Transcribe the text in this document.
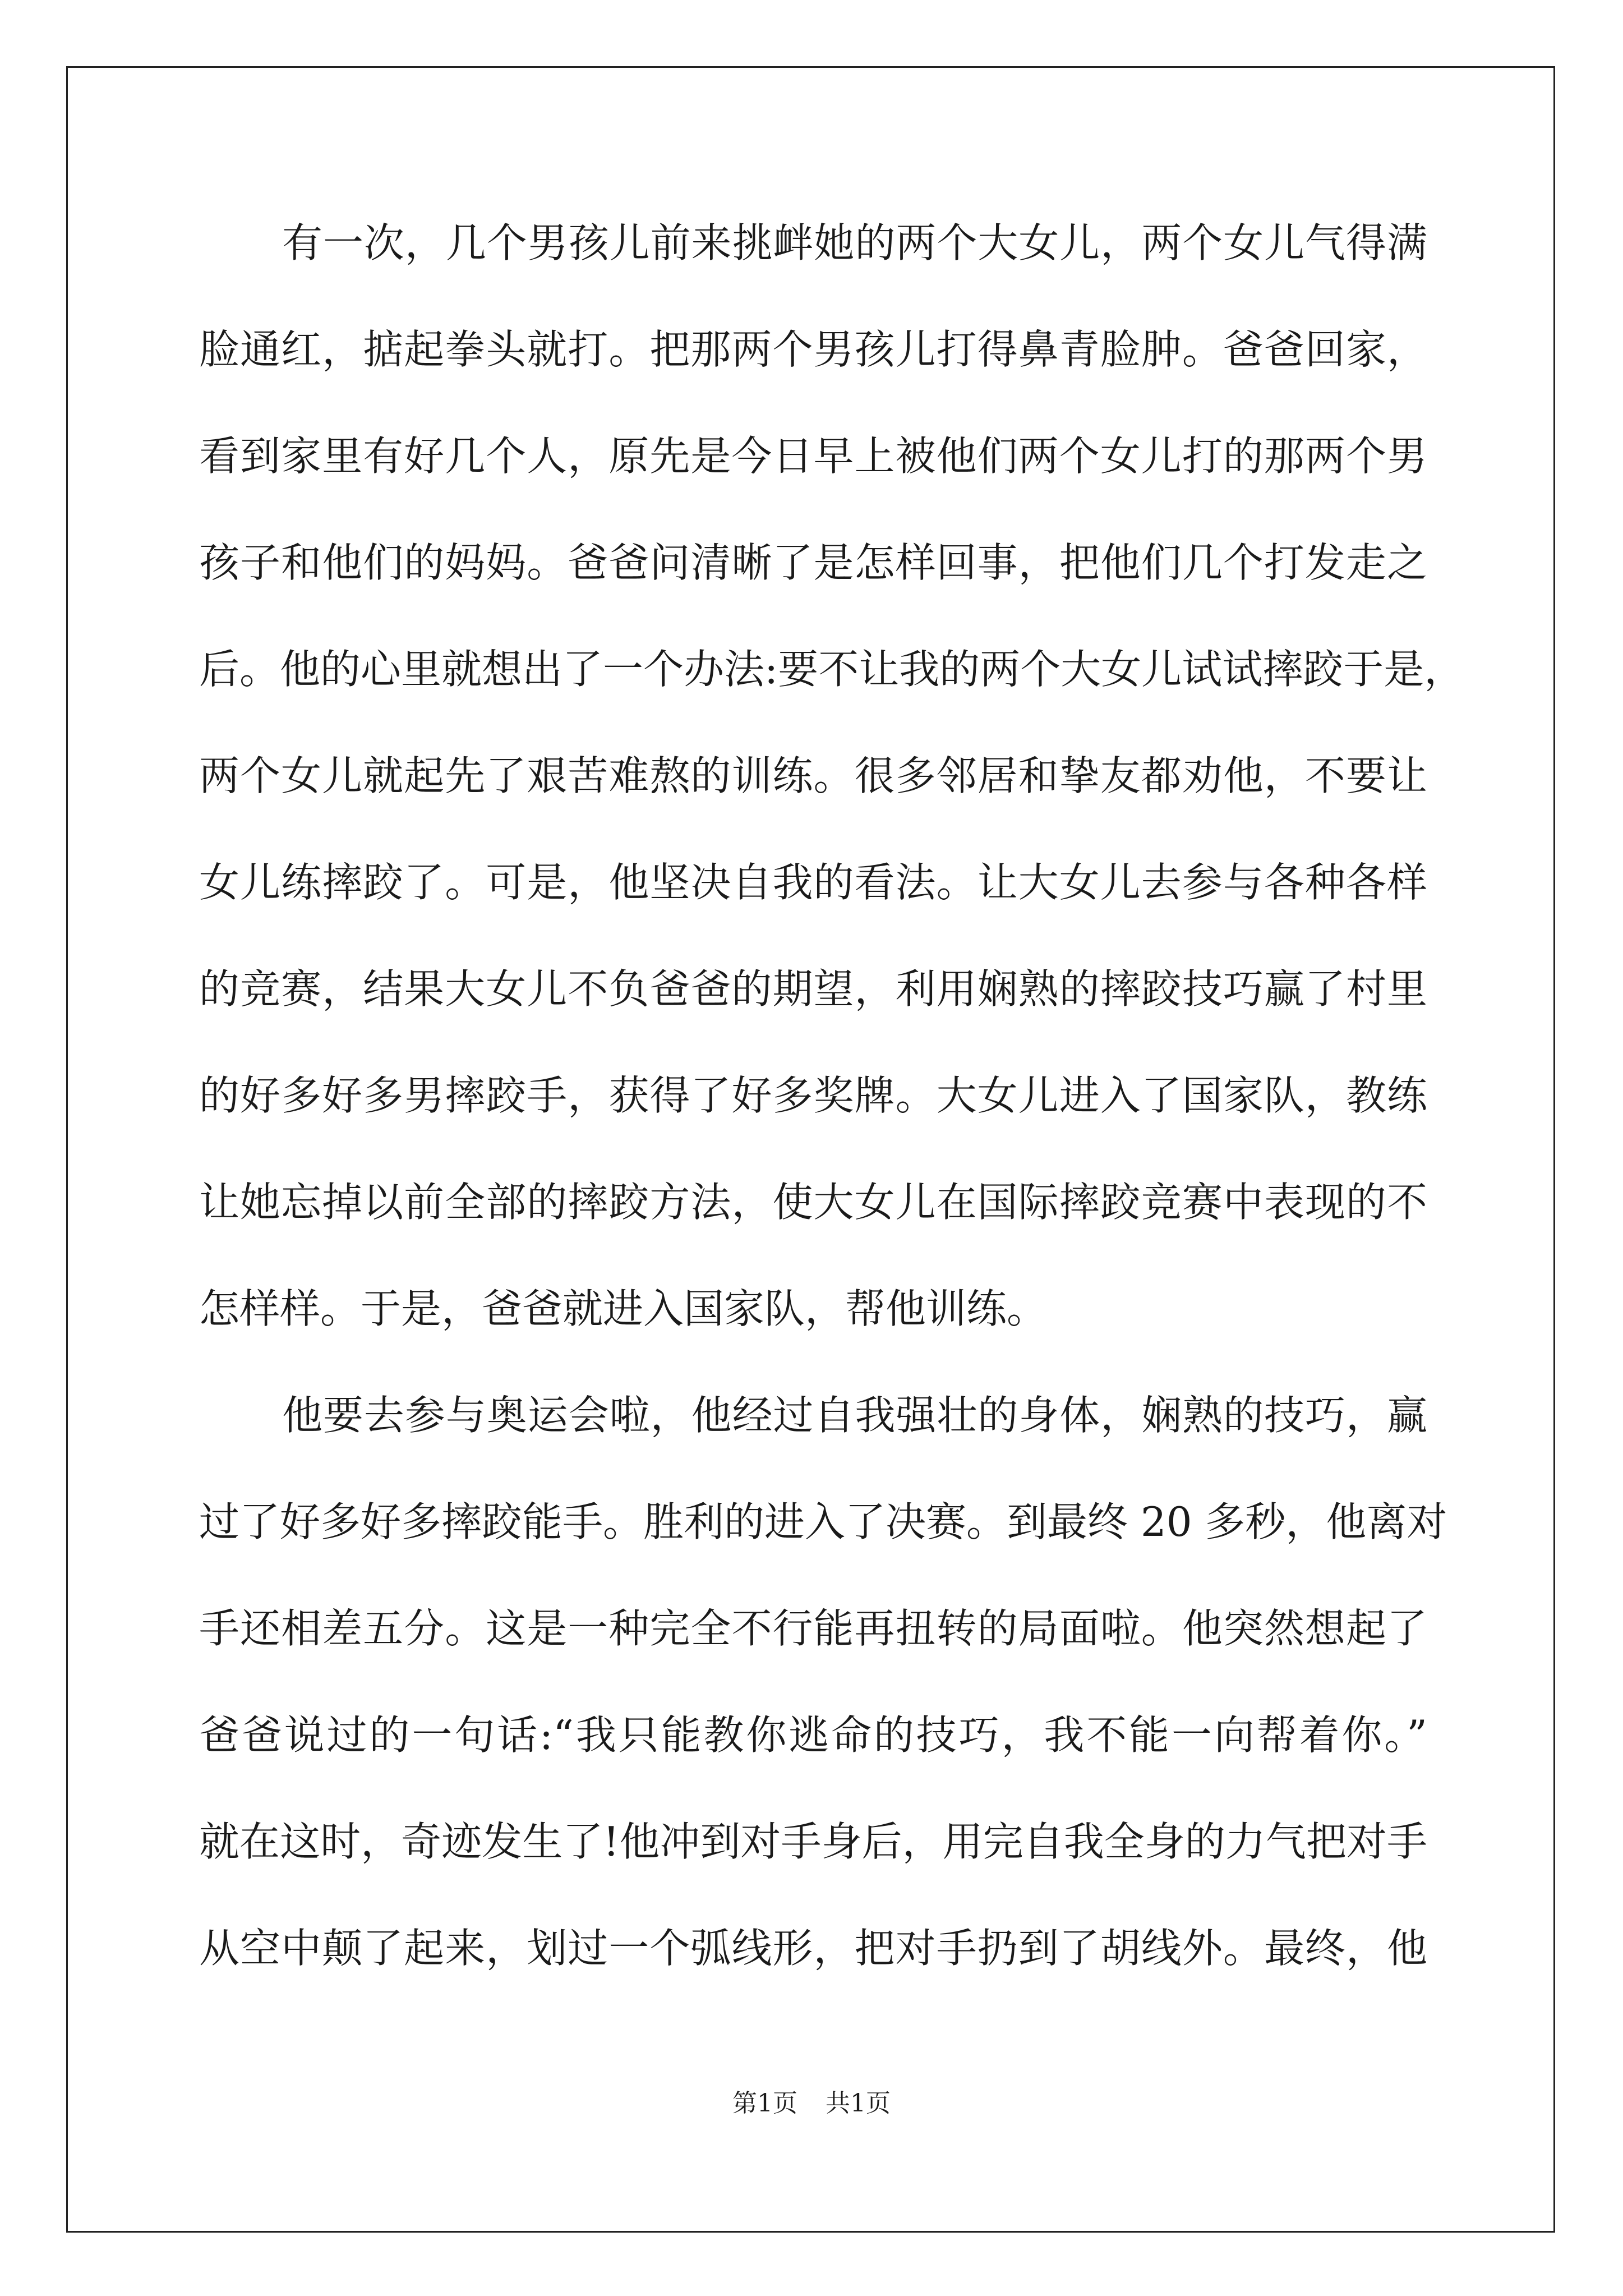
有一次，几个男孩儿前来挑衅她的两个大女儿，两个女儿气得满
脸通红，掂起拳头就打。把那两个男孩儿打得鼻青脸肿。爸爸回家，
看到家里有好几个人，原先是今日早上被他们两个女儿打的那两个男
孩子和他们的妈妈。爸爸问清晰了是怎样回事，把他们几个打发走之
后。他的心里就想出了一个办法:要不让我的两个大女儿试试摔跤于是，
两个女儿就起先了艰苦难熬的训练。很多邻居和挚友都劝他，不要让
女儿练摔跤了。可是，他坚决自我的看法。让大女儿去参与各种各样
的竞赛，结果大女儿不负爸爸的期望，利用娴熟的摔跤技巧赢了村里
的好多好多男摔跤手，获得了好多奖牌。大女儿进入了国家队，教练
让她忘掉以前全部的摔跤方法，使大女儿在国际摔跤竞赛中表现的不
怎样样。于是，爸爸就进入国家队，帮他训练。
他要去参与奥运会啦，他经过自我强壮的身体，娴熟的技巧，赢
过了好多好多摔跤能手。胜利的进入了决赛。到最终 20 多秒，他离对
手还相差五分。这是一种完全不行能再扭转的局面啦。他突然想起了
爸爸说过的一句话:“我只能教你逃命的技巧，我不能一向帮着你。”
就在这时，奇迹发生了!他冲到对手身后，用完自我全身的力气把对手
从空中颠了起来，划过一个弧线形，把对手扔到了胡线外。最终，他
第1页 共1页
